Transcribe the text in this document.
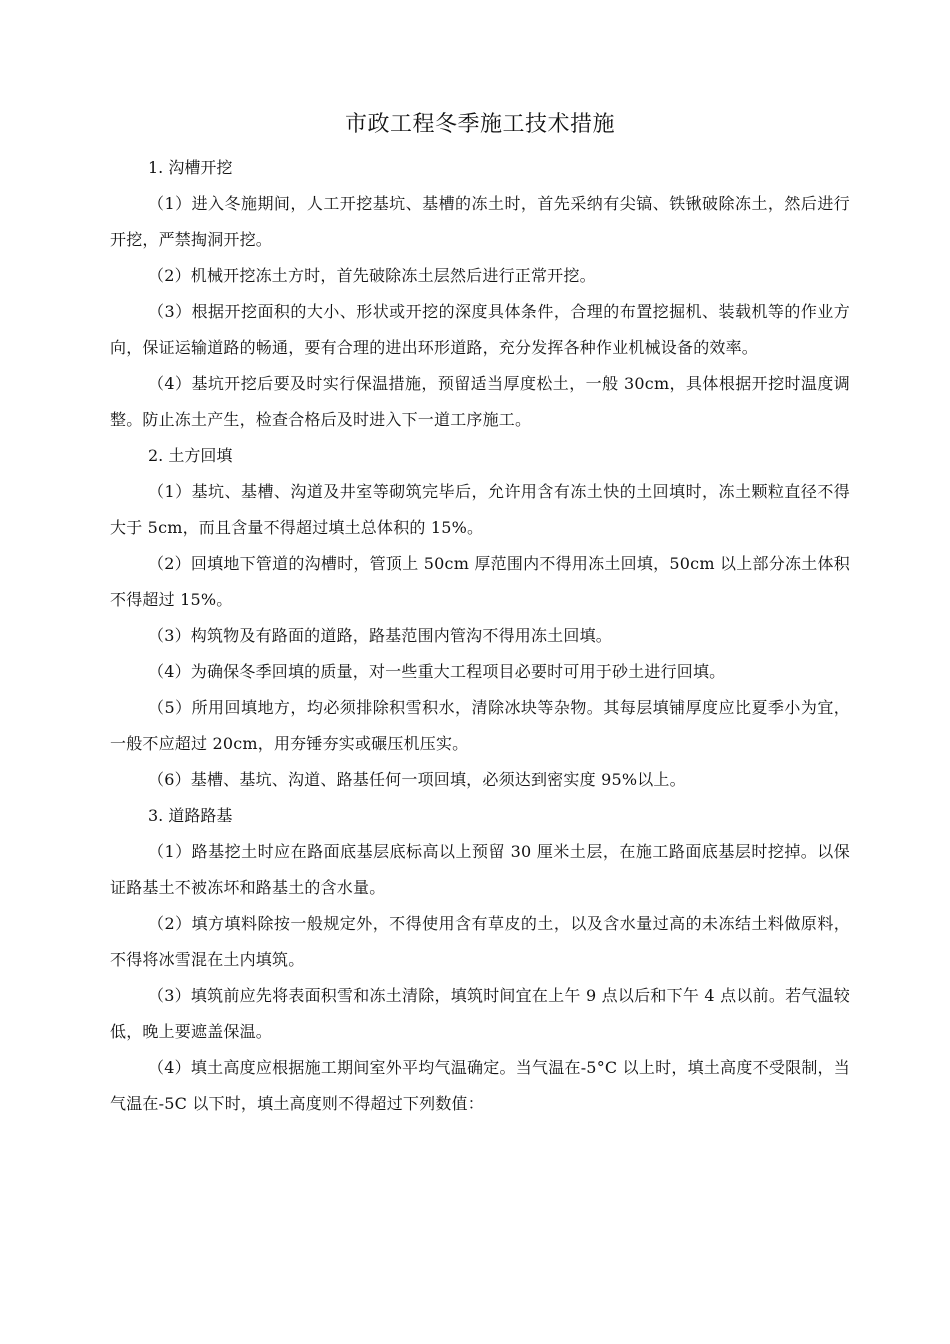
市政工程冬季施工技术措施

1. 沟槽开挖

（1）进入冬施期间，人工开挖基坑、基槽的冻土时，首先采纳有尖镐、铁锹破除冻土，然后进行开挖，严禁掏洞开挖。

（2）机械开挖冻土方时，首先破除冻土层然后进行正常开挖。

（3）根据开挖面积的大小、形状或开挖的深度具体条件，合理的布置挖掘机、装载机等的作业方向，保证运输道路的畅通，要有合理的进出环形道路，充分发挥各种作业机械设备的效率。

（4）基坑开挖后要及时实行保温措施，预留适当厚度松土，一般 30cm，具体根据开挖时温度调整。防止冻土产生，检查合格后及时进入下一道工序施工。

2. 土方回填

（1）基坑、基槽、沟道及井室等砌筑完毕后，允许用含有冻土快的土回填时，冻土颗粒直径不得大于 5cm，而且含量不得超过填土总体积的 15%。

（2）回填地下管道的沟槽时，管顶上 50cm 厚范围内不得用冻土回填，50cm 以上部分冻土体积不得超过 15%。

（3）构筑物及有路面的道路，路基范围内管沟不得用冻土回填。

（4）为确保冬季回填的质量，对一些重大工程项目必要时可用于砂土进行回填。

（5）所用回填地方，均必须排除积雪积水，清除冰块等杂物。其每层填铺厚度应比夏季小为宜，一般不应超过 20cm，用夯锤夯实或碾压机压实。

（6）基槽、基坑、沟道、路基任何一项回填，必须达到密实度 95%以上。

3. 道路路基

（1）路基挖土时应在路面底基层底标高以上预留 30 厘米土层，在施工路面底基层时挖掉。以保证路基土不被冻坏和路基土的含水量。

（2）填方填料除按一般规定外，不得使用含有草皮的土，以及含水量过高的未冻结土料做原料，不得将冰雪混在土内填筑。

（3）填筑前应先将表面积雪和冻土清除，填筑时间宜在上午 9 点以后和下午 4 点以前。若气温较低，晚上要遮盖保温。

（4）填土高度应根据施工期间室外平均气温确定。当气温在-5°C 以上时，填土高度不受限制，当气温在-5C 以下时，填土高度则不得超过下列数值：
